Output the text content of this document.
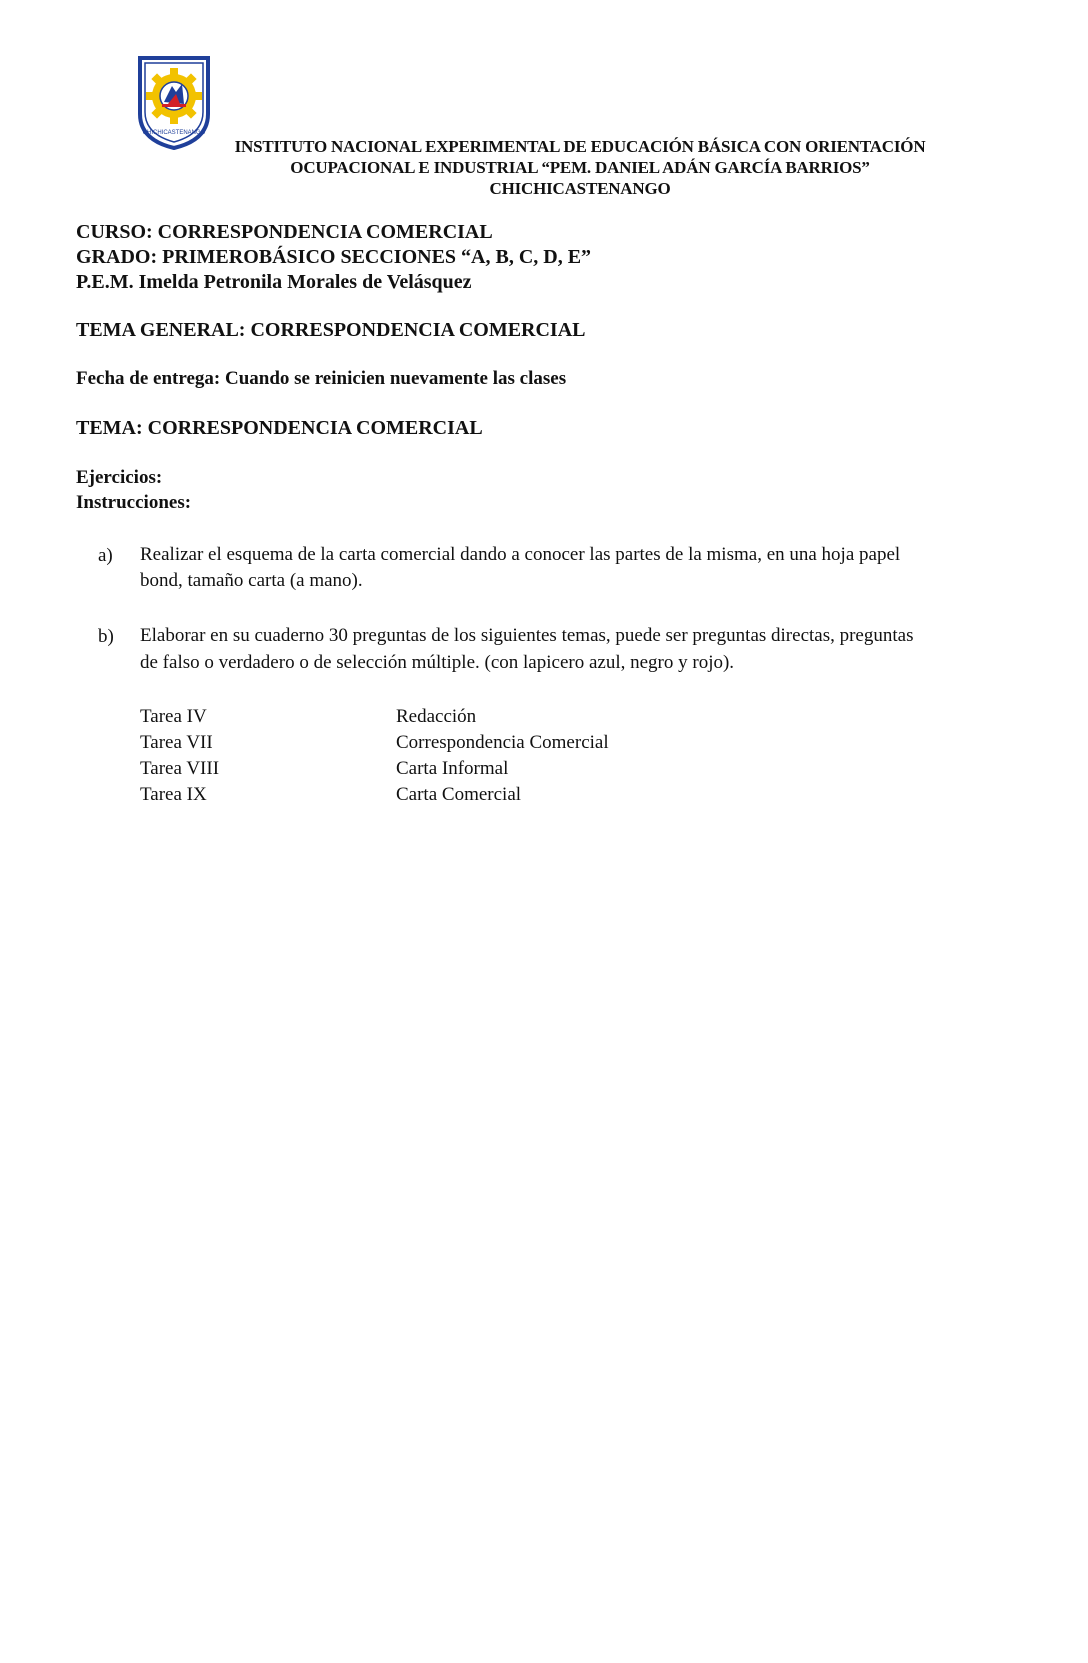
CHICHICASTENANGO
INSTITUTO NACIONAL EXPERIMENTAL DE EDUCACIÓN BÁSICA CON ORIENTACIÓN
OCUPACIONAL E INDUSTRIAL “PEM. DANIEL ADÁN GARCÍA BARRIOS”
CHICHICASTENANGO
CURSO: CORRESPONDENCIA COMERCIAL
GRADO: PRIMEROBÁSICO SECCIONES “A, B, C, D, E”
P.E.M. Imelda Petronila Morales de Velásquez
TEMA GENERAL: CORRESPONDENCIA COMERCIAL
Fecha de entrega: Cuando se reinicien nuevamente las clases
TEMA: CORRESPONDENCIA COMERCIAL
Ejercicios:
Instrucciones:
a) Realizar el esquema de la carta comercial dando a conocer las partes de la misma, en una hoja papel
bond, tamaño carta (a mano).
b) Elaborar en su cuaderno 30 preguntas de los siguientes temas, puede ser preguntas directas, preguntas
de falso o verdadero o de selección múltiple. (con lapicero azul, negro y rojo).
Tarea IV	Redacción
Tarea VII	Correspondencia Comercial
Tarea VIII	Carta Informal
Tarea IX	Carta Comercial
